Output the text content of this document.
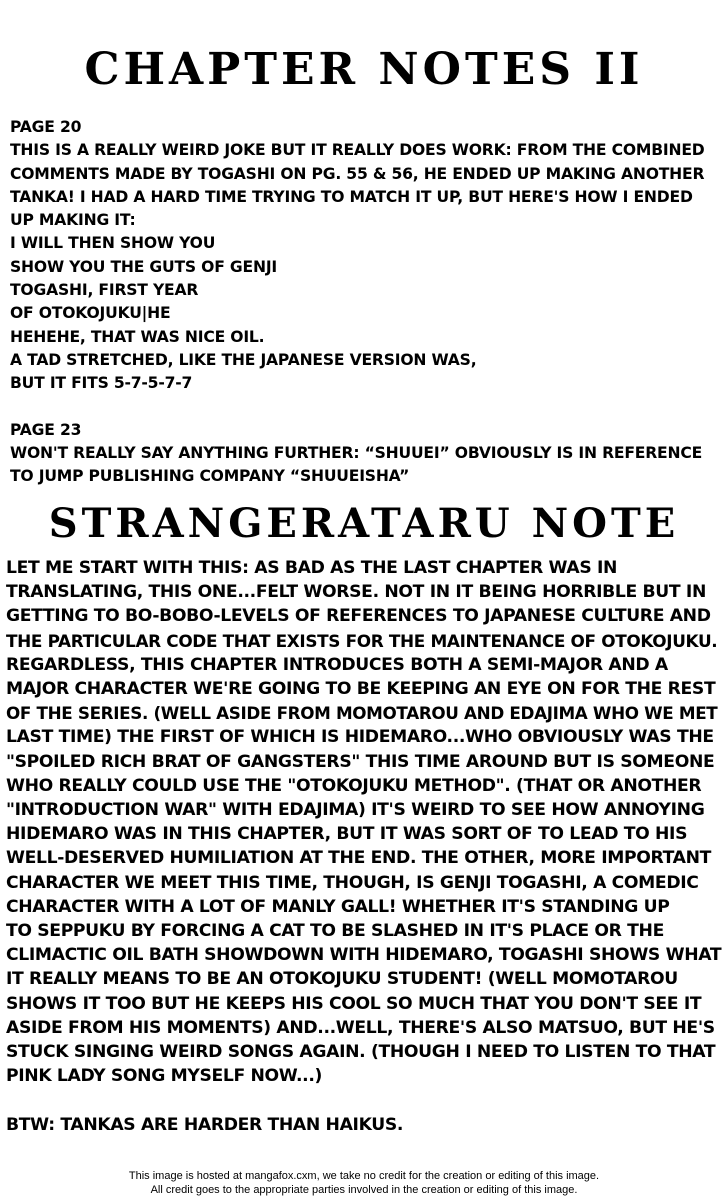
CHAPTER NOTES II
PAGE 20
THIS IS A REALLY WEIRD JOKE BUT IT REALLY DOES WORK: FROM THE COMBINED
COMMENTS MADE BY TOGASHI ON PG. 55 & 56, HE ENDED UP MAKING ANOTHER
TANKA! I HAD A HARD TIME TRYING TO MATCH IT UP, BUT HERE'S HOW I ENDED
UP MAKING IT:
I WILL THEN SHOW YOU
SHOW YOU THE GUTS OF GENJI
TOGASHI, FIRST YEAR
OF OTOKOJUKU|HE
HEHEHE, THAT WAS NICE OIL.
A TAD STRETCHED, LIKE THE JAPANESE VERSION WAS,
BUT IT FITS 5-7-5-7-7
PAGE 23
WON'T REALLY SAY ANYTHING FURTHER: “SHUUEI” OBVIOUSLY IS IN REFERENCE
TO JUMP PUBLISHING COMPANY “SHUUEISHA”
STRANGERATARU NOTE
LET ME START WITH THIS: AS BAD AS THE LAST CHAPTER WAS IN
TRANSLATING, THIS ONE...FELT WORSE. NOT IN IT BEING HORRIBLE BUT IN
GETTING TO BO-BOBO-LEVELS OF REFERENCES TO JAPANESE CULTURE AND
THE PARTICULAR CODE THAT EXISTS FOR THE MAINTENANCE OF OTOKOJUKU.
REGARDLESS, THIS CHAPTER INTRODUCES BOTH A SEMI-MAJOR AND A
MAJOR CHARACTER WE'RE GOING TO BE KEEPING AN EYE ON FOR THE REST
OF THE SERIES. (WELL ASIDE FROM MOMOTAROU AND EDAJIMA WHO WE MET
LAST TIME) THE FIRST OF WHICH IS HIDEMARO...WHO OBVIOUSLY WAS THE
"SPOILED RICH BRAT OF GANGSTERS" THIS TIME AROUND BUT IS SOMEONE
WHO REALLY COULD USE THE "OTOKOJUKU METHOD". (THAT OR ANOTHER
"INTRODUCTION WAR" WITH EDAJIMA) IT'S WEIRD TO SEE HOW ANNOYING
HIDEMARO WAS IN THIS CHAPTER, BUT IT WAS SORT OF TO LEAD TO HIS
WELL-DESERVED HUMILIATION AT THE END. THE OTHER, MORE IMPORTANT
CHARACTER WE MEET THIS TIME, THOUGH, IS GENJI TOGASHI, A COMEDIC
CHARACTER WITH A LOT OF MANLY GALL! WHETHER IT'S STANDING UP
TO SEPPUKU BY FORCING A CAT TO BE SLASHED IN IT'S PLACE OR THE
CLIMACTIC OIL BATH SHOWDOWN WITH HIDEMARO, TOGASHI SHOWS WHAT
IT REALLY MEANS TO BE AN OTOKOJUKU STUDENT! (WELL MOMOTAROU
SHOWS IT TOO BUT HE KEEPS HIS COOL SO MUCH THAT YOU DON'T SEE IT
ASIDE FROM HIS MOMENTS) AND...WELL, THERE'S ALSO MATSUO, BUT HE'S
STUCK SINGING WEIRD SONGS AGAIN. (THOUGH I NEED TO LISTEN TO THAT
PINK LADY SONG MYSELF NOW...)
BTW: TANKAS ARE HARDER THAN HAIKUS.
This image is hosted at mangafox.cxm, we take no credit for the creation or editing of this image.
All credit goes to the appropriate parties involved in the creation or editing of this image.
